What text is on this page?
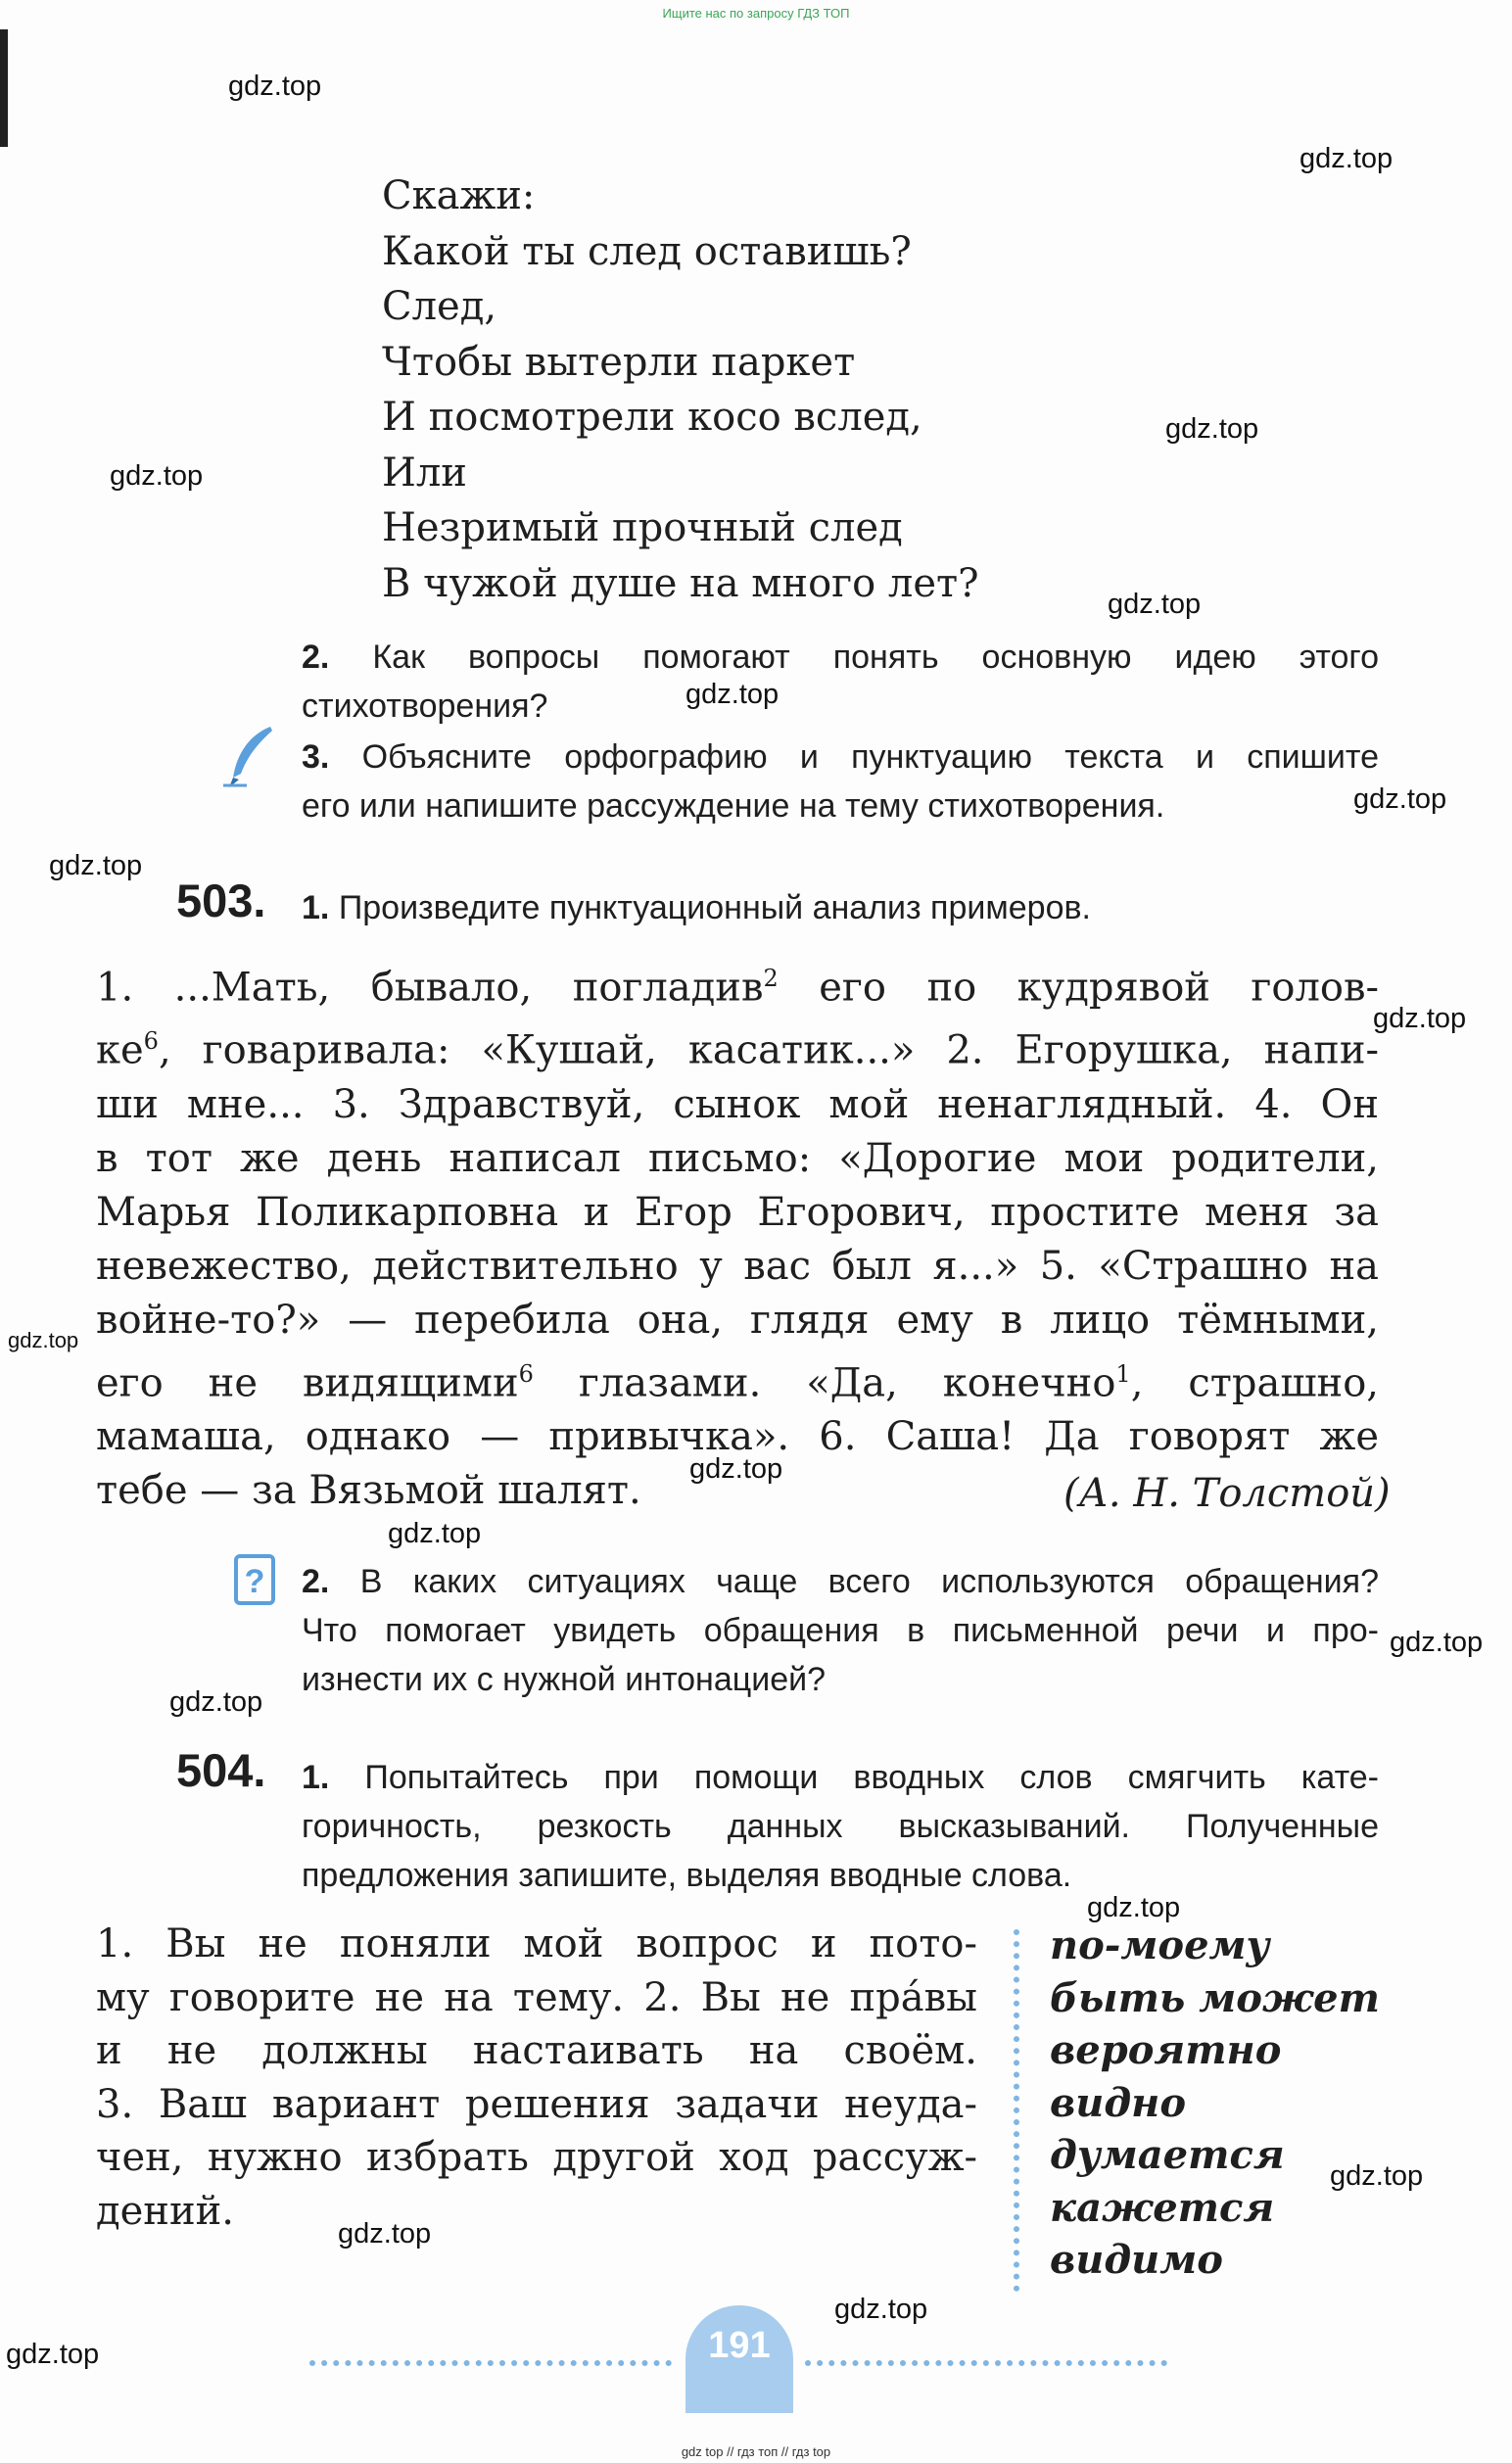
Ищите нас по запросу ГДЗ ТОП
gdz.top
gdz.top
gdz.top
gdz.top
gdz.top
gdz.top
gdz.top
gdz.top
gdz.top
gdz.top
gdz.top
gdz.top
gdz.top
gdz.top
gdz.top
gdz.top
gdz.top
gdz.top
gdz.top
Скажи:
Какой ты след оставишь?
След,
Чтобы вытерли паркет
И посмотрели косо вслед,
Или
Незримый прочный след
В чужой душе на много лет?
2. Как вопросы помогают понять основную идею этого
стихотворения?
3. Объясните орфографию и пунктуацию текста и спишите
его или напишите рассуждение на тему стихотворения.
503. 1. Произведите пунктуационный анализ примеров.
1. ...Мать, бывало, погладив$^2$ его по кудрявой голов-
$ке^6$, говаривала: «Кушай, касатик...» 2. Егорушка, напи-
ши мне... 3. Здравствуй, сынок мой ненаглядный. 4. Он
в тот же день написал письмо: «Дорогие мои родители,
Марья Поликарповна и Егор Егорович, простите меня за
невежество, действительно у вас был я...» 5. «Страшно на
войне-то?» — перебила она, глядя ему в лицо тёмными,
его не видящими$^6$ глазами. «Да, конечно$^1$, страшно,
мамаша, однако — привычка». 6. Саша! Да говорят же
тебе — за Вязьмой шалят.	(А. Н. Толстой)
? 2. В каких ситуациях чаще всего используются обращения?
Что помогает увидеть обращения в письменной речи и про-
изнести их с нужной интонацией?
504. 1. Попытайтесь при помощи вводных слов смягчить кате-
горичность, резкость данных высказываний. Полученные
предложения запишите, выделяя вводные слова.
1. Вы не поняли мой вопрос и пото-
му говорите не на тему. 2. Вы не прáвы
и не должны настаивать на своём.
3. Ваш вариант решения задачи неуда-
чен, нужно избрать другой ход рассуж-
дений.
по-моему
быть может
вероятно
видно
думается
кажется
видимо
191
gdz top // гдз топ // гдз top
